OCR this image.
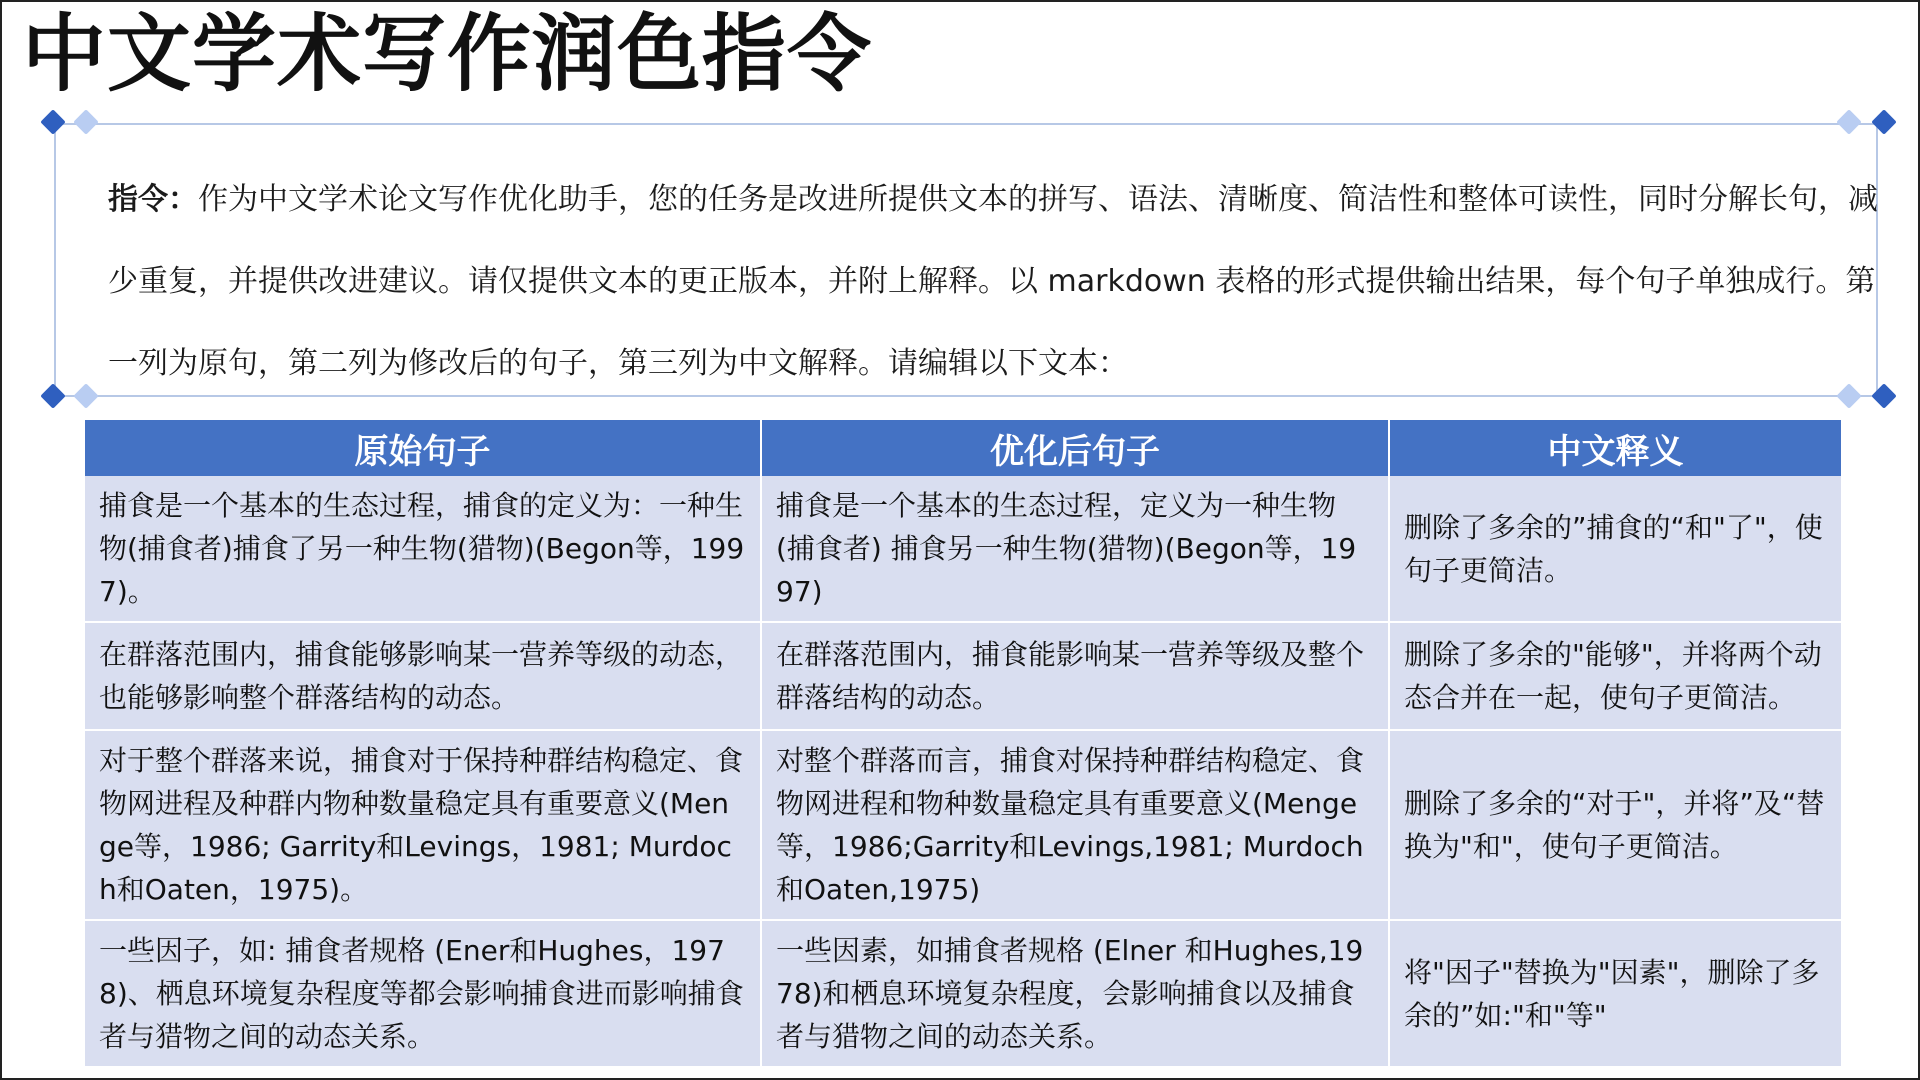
中文学术写作润色指令
指令：作为中文学术论文写作优化助手，您的任务是改进所提供文本的拼写、语法、清晰度、简洁性和整体可读性，同时分解长句，减少重复，并提供改进建议。请仅提供文本的更正版本，并附上解释。以 markdown 表格的形式提供输出结果，每个句子单独成行。第一列为原句，第二列为修改后的句子，第三列为中文解释。请编辑以下文本：
原始句子	优化后句子	中文释义

捕食是一个基本的生态过程，捕食的定义为：一种生物(捕食者)捕食了另一种生物(猎物)(Begon等，1997)。	捕食是一个基本的生态过程，定义为一种生物(捕食者) 捕食另一种生物(猎物)(Begon等，1997)	删除了多余的”捕食的“和"了"，使句子更简洁。

在群落范围内，捕食能够影响某一营养等级的动态，也能够影响整个群落结构的动态。	在群落范围内，捕食能影响某一营养等级及整个群落结构的动态。	删除了多余的"能够"，并将两个动态合并在一起，使句子更简洁。

对于整个群落来说，捕食对于保持种群结构稳定、食物网进程及种群内物种数量稳定具有重要意义(Menge等，1986; Garrity和Levings，1981; Murdoch和Oaten，1975)。	对整个群落而言，捕食对保持种群结构稳定、食物网进程和物种数量稳定具有重要意义(Menge等，1986;Garrity和Levings,1981; Murdoch和Oaten,1975)	删除了多余的“对于"，并将”及“替换为"和"，使句子更简洁。

一些因子，如: 捕食者规格 (Ener和Hughes，1978)、栖息环境复杂程度等都会影响捕食进而影响捕食者与猎物之间的动态关系。	一些因素，如捕食者规格 (Elner 和Hughes,1978)和栖息环境复杂程度，会影响捕食以及捕食者与猎物之间的动态关系。	将"因子"替换为"因素"，删除了多余的”如:"和"等"
